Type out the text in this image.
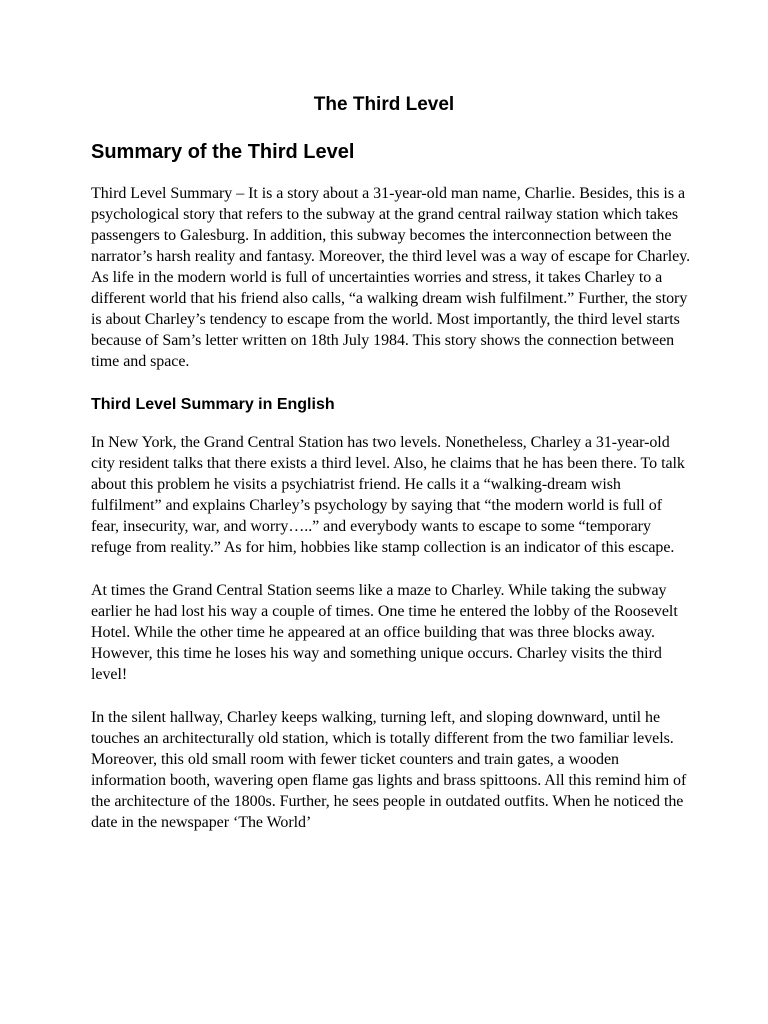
The Third Level
Summary of the Third Level

Third Level Summary – It is a story about a 31-year-old man name, Charlie. Besides, this is a psychological story that refers to the subway at the grand central railway station which takes passengers to Galesburg. In addition, this subway becomes the interconnection between the narrator’s harsh reality and fantasy. Moreover, the third level was a way of escape for Charley. As life in the modern world is full of uncertainties worries and stress, it takes Charley to a different world that his friend also calls, “a walking dream wish fulfilment.” Further, the story is about Charley’s tendency to escape from the world. Most importantly, the third level starts because of Sam’s letter written on 18th July 1984. This story shows the connection between time and space.

Third Level Summary in English

In New York, the Grand Central Station has two levels. Nonetheless, Charley a 31-year-old city resident talks that there exists a third level. Also, he claims that he has been there. To talk about this problem he visits a psychiatrist friend. He calls it a “walking-dream wish fulfilment” and explains Charley’s psychology by saying that “the modern world is full of fear, insecurity, war, and worry…..” and everybody wants to escape to some “temporary refuge from reality.” As for him, hobbies like stamp collection is an indicator of this escape.

At times the Grand Central Station seems like a maze to Charley. While taking the subway earlier he had lost his way a couple of times. One time he entered the lobby of the Roosevelt Hotel. While the other time he appeared at an office building that was three blocks away. However, this time he loses his way and something unique occurs. Charley visits the third level!

In the silent hallway, Charley keeps walking, turning left, and sloping downward, until he touches an architecturally old station, which is totally different from the two familiar levels. Moreover, this old small room with fewer ticket counters and train gates, a wooden information booth, wavering open flame gas lights and brass spittoons. All this remind him of the architecture of the 1800s. Further, he sees people in outdated outfits. When he noticed the date in the newspaper ‘The World’
